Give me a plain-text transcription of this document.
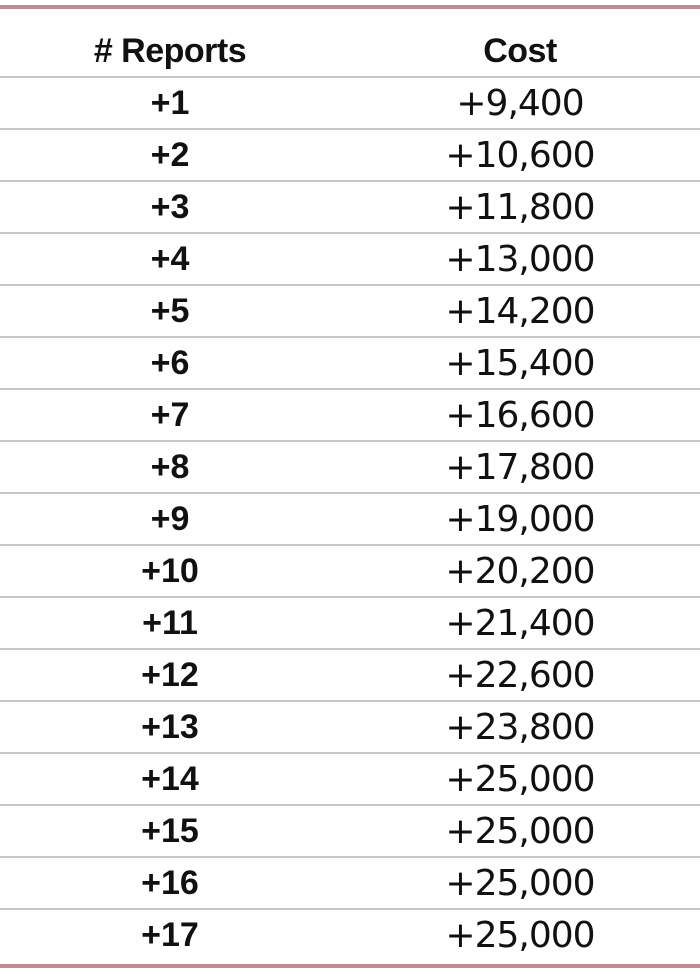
# Reports	Cost
+1	+9,400
+2	+10,600
+3	+11,800
+4	+13,000
+5	+14,200
+6	+15,400
+7	+16,600
+8	+17,800
+9	+19,000
+10	+20,200
+11	+21,400
+12	+22,600
+13	+23,800
+14	+25,000
+15	+25,000
+16	+25,000
+17	+25,000
